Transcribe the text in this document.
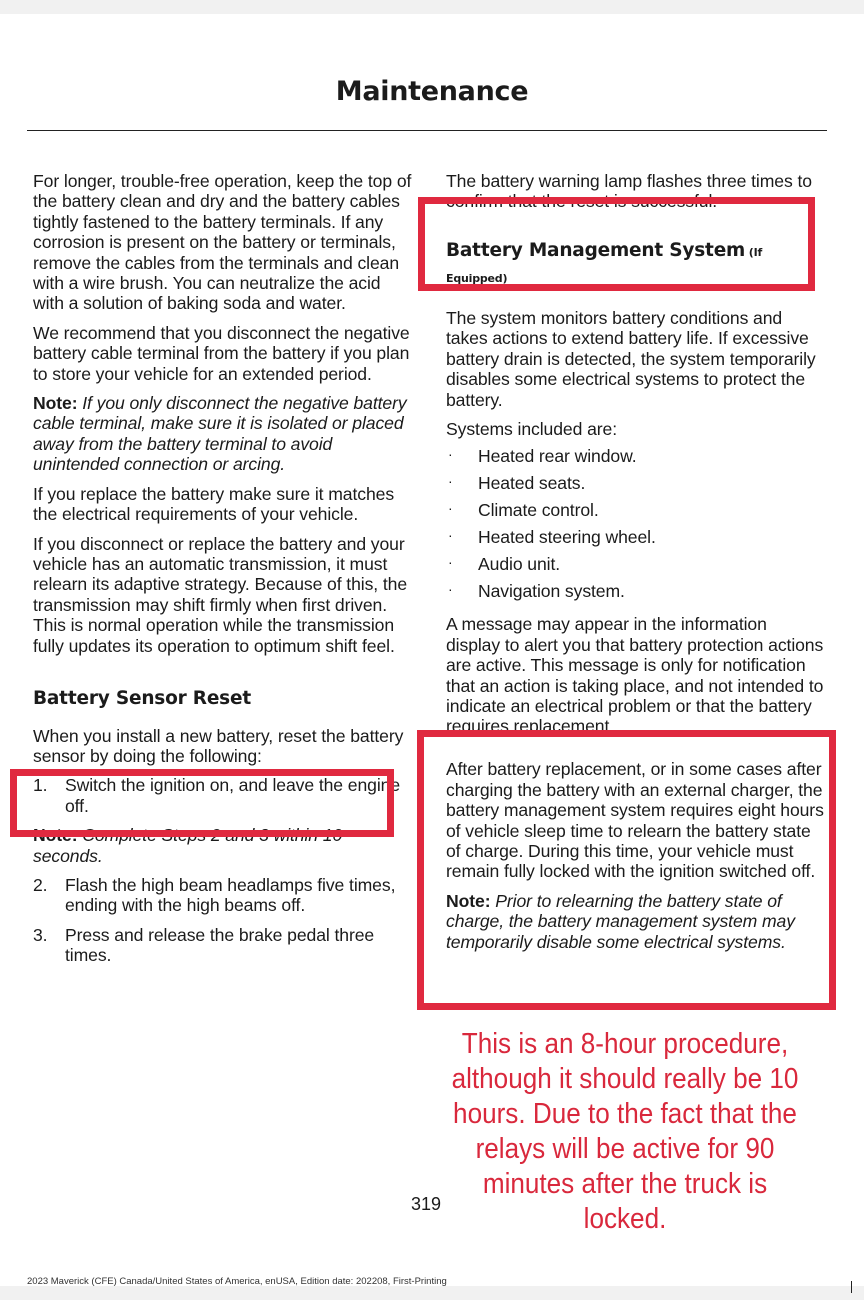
Maintenance

For longer, trouble-free operation, keep the top of the battery clean and dry and the battery cables tightly fastened to the battery terminals. If any corrosion is present on the battery or terminals, remove the cables from the terminals and clean with a wire brush. You can neutralize the acid with a solution of baking soda and water.

We recommend that you disconnect the negative battery cable terminal from the battery if you plan to store your vehicle for an extended period.

Note: If you only disconnect the negative battery cable terminal, make sure it is isolated or placed away from the battery terminal to avoid unintended connection or arcing.

If you replace the battery make sure it matches the electrical requirements of your vehicle.

If you disconnect or replace the battery and your vehicle has an automatic transmission, it must relearn its adaptive strategy. Because of this, the transmission may shift firmly when first driven. This is normal operation while the transmission fully updates its operation to optimum shift feel.

Battery Sensor Reset

When you install a new battery, reset the battery sensor by doing the following:

1. Switch the ignition on, and leave the engine off.

Note: Complete Steps 2 and 3 within 10 seconds.

2. Flash the high beam headlamps five times, ending with the high beams off.
3. Press and release the brake pedal three times.

The battery warning lamp flashes three times to confirm that the reset is successful.

Battery Management System (If Equipped)

The system monitors battery conditions and takes actions to extend battery life. If excessive battery drain is detected, the system temporarily disables some electrical systems to protect the battery.

Systems included are:

· Heated rear window.
· Heated seats.
· Climate control.
· Heated steering wheel.
· Audio unit.
· Navigation system.

A message may appear in the information display to alert you that battery protection actions are active. This message is only for notification that an action is taking place, and not intended to indicate an electrical problem or that the battery requires replacement.

After battery replacement, or in some cases after charging the battery with an external charger, the battery management system requires eight hours of vehicle sleep time to relearn the battery state of charge. During this time, your vehicle must remain fully locked with the ignition switched off.

Note: Prior to relearning the battery state of charge, the battery management system may temporarily disable some electrical systems.

This is an 8-hour procedure, although it should really be 10 hours. Due to the fact that the relays will be active for 90 minutes after the truck is locked.
319
2023 Maverick (CFE) Canada/United States of America, enUSA, Edition date: 202208, First-Printing
